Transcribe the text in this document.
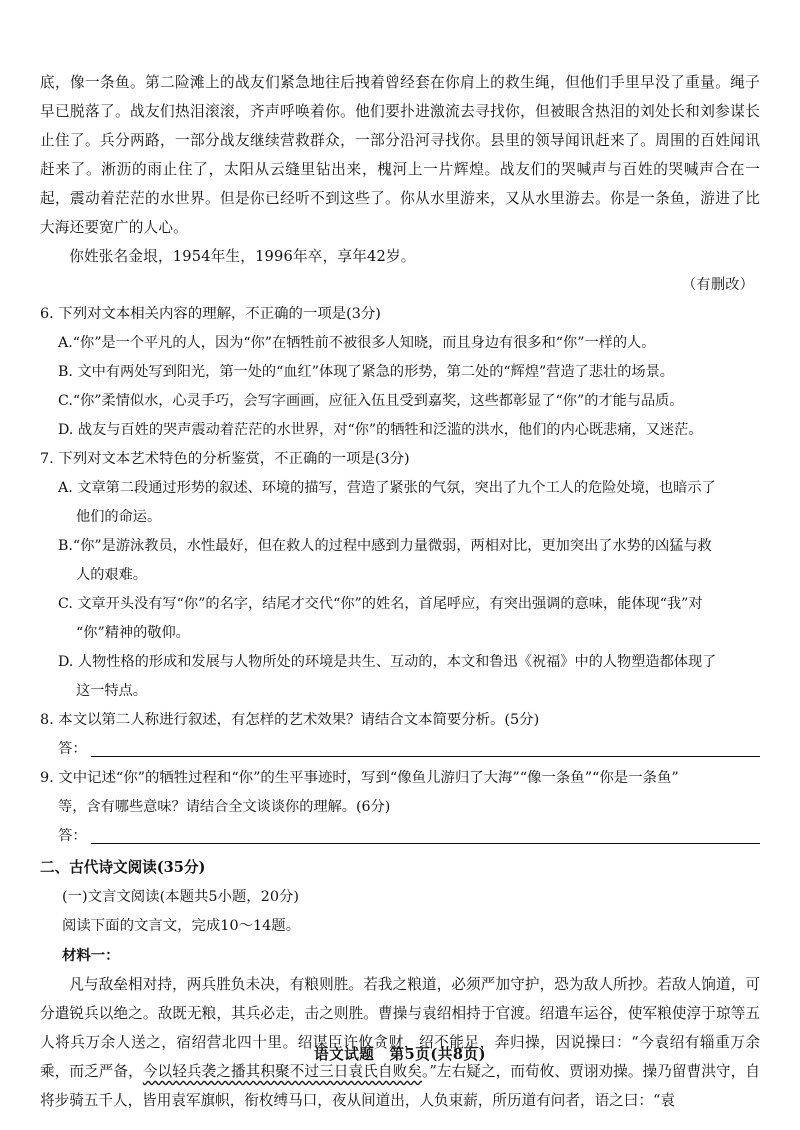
底，像一条鱼。第二险滩上的战友们紧急地往后拽着曾经套在你肩上的救生绳，但他们手里早没了重量。绳子早已脱落了。战友们热泪滚滚，齐声呼唤着你。他们要扑进激流去寻找你，但被眼含热泪的刘处长和刘参谋长止住了。兵分两路，一部分战友继续营救群众，一部分沿河寻找你。县里的领导闻讯赶来了。周围的百姓闻讯赶来了。淅沥的雨止住了，太阳从云缝里钻出来，槐河上一片辉煌。战友们的哭喊声与百姓的哭喊声合在一起，震动着茫茫的水世界。但是你已经听不到这些了。你从水里游来，又从水里游去。你是一条鱼，游进了比大海还要宽广的人心。

你姓张名金垠，1954年生，1996年卒，享年42岁。

（有删改）

6. 下列对文本相关内容的理解，不正确的一项是(3分)

A.“你”是一个平凡的人，因为“你”在牺牲前不被很多人知晓，而且身边有很多和“你”一样的人。

B. 文中有两处写到阳光，第一处的“血红”体现了紧急的形势，第二处的“辉煌”营造了悲壮的场景。

C.“你”柔情似水，心灵手巧，会写字画画，应征入伍且受到嘉奖，这些都彰显了“你”的才能与品质。

D. 战友与百姓的哭声震动着茫茫的水世界，对“你”的牺牲和泛滥的洪水，他们的内心既悲痛，又迷茫。

7. 下列对文本艺术特色的分析鉴赏，不正确的一项是(3分)

A. 文章第二段通过形势的叙述、环境的描写，营造了紧张的气氛，突出了九个工人的危险处境，也暗示了

他们的命运。

B.“你”是游泳教员，水性最好，但在救人的过程中感到力量微弱，两相对比，更加突出了水势的凶猛与救

人的艰难。

C. 文章开头没有写“你”的名字，结尾才交代“你”的姓名，首尾呼应，有突出强调的意味，能体现“我”对

“你”精神的敬仰。

D. 人物性格的形成和发展与人物所处的环境是共生、互动的，本文和鲁迅《祝福》中的人物塑造都体现了

这一特点。

8. 本文以第二人称进行叙述，有怎样的艺术效果？请结合文本简要分析。(5分)

答：

9. 文中记述“你”的牺牲过程和“你”的生平事迹时，写到“像鱼儿游归了大海”“像一条鱼”“你是一条鱼”

等，含有哪些意味？请结合全文谈谈你的理解。(6分)

答：

二、古代诗文阅读(35分)

(一)文言文阅读(本题共5小题，20分)

阅读下面的文言文，完成10～14题。

材料一：

凡与敌垒相对持，两兵胜负未决，有粮则胜。若我之粮道，必须严加守护，恐为敌人所抄。若敌人饷道，可分遣锐兵以绝之。敌既无粮，其兵必走，击之则胜。曹操与袁绍相持于官渡。绍遣车运谷，使军粮使淳于琼等五人将兵万余人送之，宿绍营北四十里。绍谋臣许攸贪财，绍不能足，奔归操，因说操曰：“今袁绍有辎重万余乘，而乏严备，今以轻兵袭之播其积聚不过三日袁氏自败矣。”左右疑之，而荀攸、贾诩劝操。操乃留曹洪守，自将步骑五千人，皆用袁军旗帜，衔枚缚马口，夜从间道出，人负束薪，所历道有问者，语之曰：“袁

语文试题　第5页(共8页)
